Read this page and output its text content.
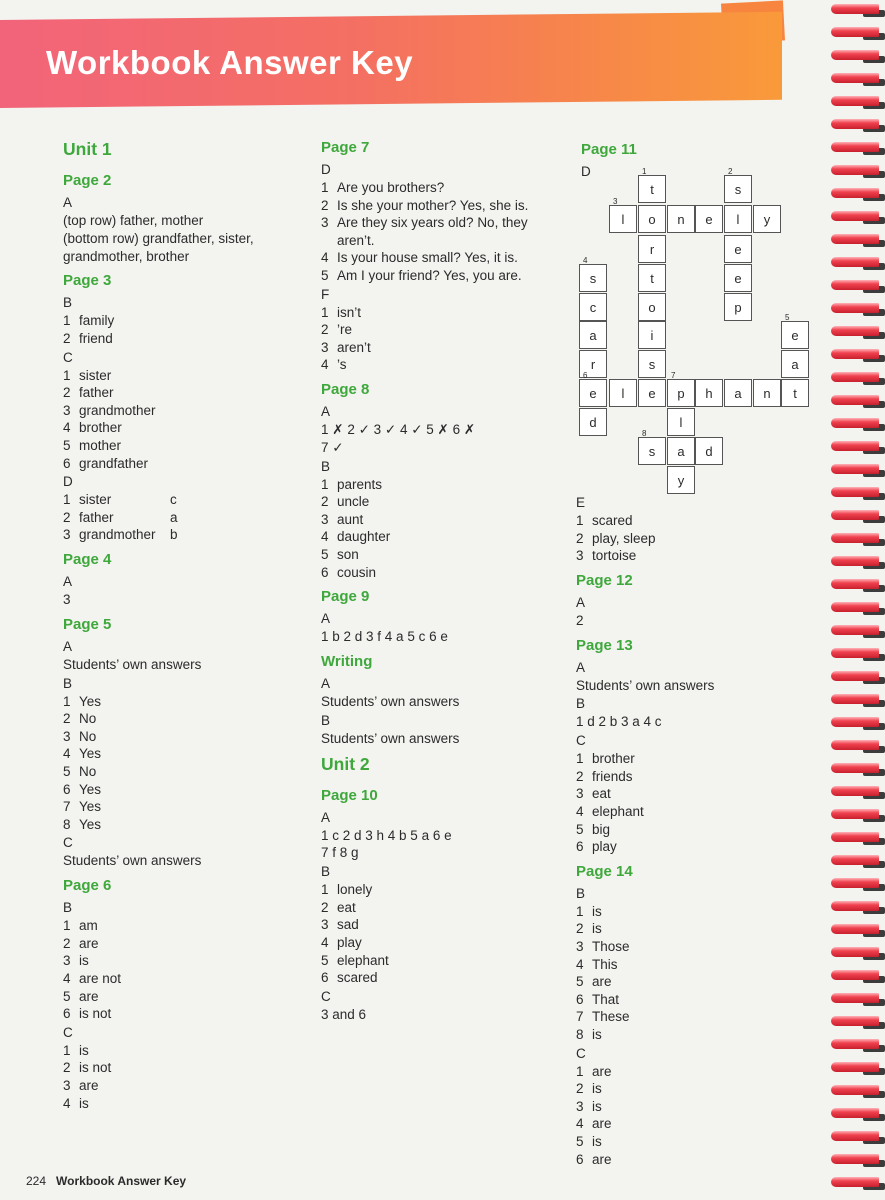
Workbook Answer Key
Unit 1
Page 2
A
(top row) father, mother
(bottom row) grandfather, sister,
grandmother, brother
Page 3
B
1 family
2 friend
C
1 sister
2 father
3 grandmother
4 brother
5 mother
6 grandfather
D
1 sister	c
2 father	a
3 grandmother b
Page 4
A
3
Page 5
A
Students’ own answers
B
1 Yes
2 No
3 No
4 Yes
5 No
6 Yes
7 Yes
8 Yes
C
Students’ own answers
Page 6
B
1 am
2 are
3 is
4 are not
5 are
6 is not
C
1 is
2 is not
3 are
4 is
Page 7
D
1 Are you brothers?
2 Is she your mother? Yes, she is.
3 Are they six years old? No, they
aren’t.
4 Is your house small? Yes, it is.
5 Am I your friend? Yes, you are.
F
1 isn’t
2 ’re
3 aren’t
4 ’s
Page 8
A
1 ✗ 2 ✓ 3 ✓ 4 ✓ 5 ✗ 6 ✗
7 ✓
B
1 parents
2 uncle
3 aunt
4 daughter
5 son
6 cousin
Page 9
A
1 b 2 d 3 f 4 a 5 c 6 e
Writing
A
Students’ own answers
B
Students’ own answers
Unit 2
Page 10
A
1 c 2 d 3 h 4 b 5 a 6 e
7 f 8 g
B
1 lonely
2 eat
3 sad
4 play
5 elephant
6 scared
C
3 and 6
Page 11
D
t
1
s
2
l
3
o	n	e	l	y
r	e
s
4
t	e
c	o	p
a	i	e
5
r	s	a
e
6
l	e	p
7
h	a	n	t
d	l
s
8
a	d
y
E
1 scared
2 play, sleep
3 tortoise
Page 12
A
2
Page 13
A
Students’ own answers
B
1 d 2 b 3 a 4 c
C
1 brother
2 friends
3 eat
4 elephant
5 big
6 play
Page 14
B
1 is
2 is
3 Those
4 This
5 are
6 That
7 These
8 is
C
1 are
2 is
3 is
4 are
5 is
6 are
224 Workbook Answer Key
